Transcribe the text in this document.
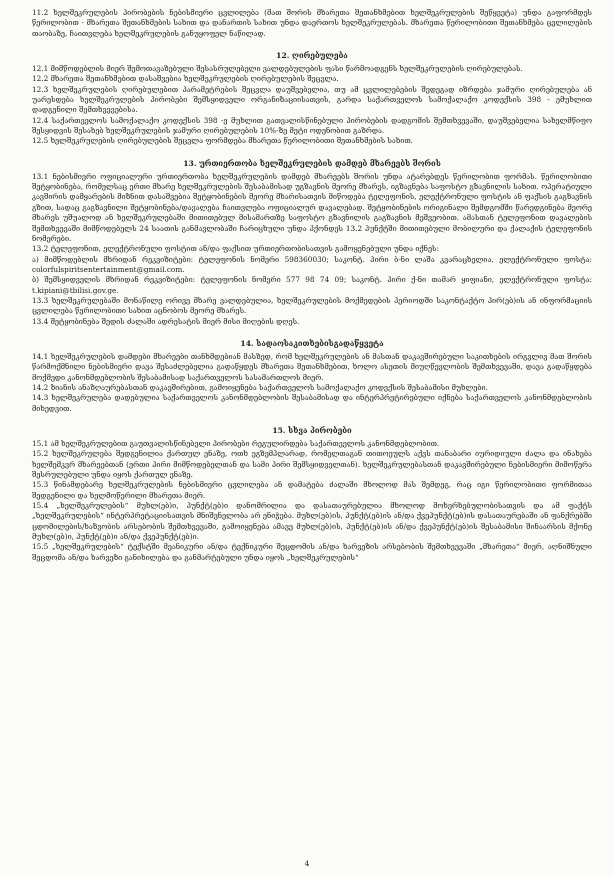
11.2 ხელშეკრულების პირობების ნებისმიერი ცვლილება (მათ შორის მხარეთა შეთანხმებით ხელშეკრულების შეწყვეტა) უნდა გაფორმდეს წერილობით - მხარეთა შეთანხმების სახით და დანართის სახით უნდა დაერთოს ხელშეკრულებას. მხარეთა წერილობითი შეთანხმება ცვლილების თაობაზე, ჩაითვლება ხელშეკრულების განუყოფელ ნაწილად.

12. ღირებულება

12.1 მიმწოდებლის მიერ შემოთავაზებული შესასრულებელი ვალდებულების ფასი წარმოადგენს ხელშეკრულების ღირებულებას.

12.2 მხარეთა შეთანხმებით დასაშვებია ხელშეკრულების ღირებულების შეცვლა.

12.3 ხელშეკრულების ღირებულებით პარამეტრების შეცვლა დაუშვებელია, თუ ამ ცვლილებების შედეგად იზრდება ჯამური ღირებულება ან უარესდება ხელშეკრულების პირობები შემსყიდველი ორგანიზაციისათვის, გარდა საქართველოს სამოქალაქო კოდექსის 398 - ემუხლით დადგენილი შემთხვევებისა.

12.4 საქართველოს სამოქალაქო კოდექსის 398 -ე მუხლით გათვალისწინებული პირობების დადგომის შემთხვევაში, დაუშვებელია სახელმწიფო შესყიდვის შესახებ ხელშეკრულების ჯამური ღირებულების 10%-ზე მეტი ოდენობით გაზრდა.

12.5 ხელშეკრულების ღირებულების შეცვლა ფორმდება მხარეთა წერილობითი შეთანხმების სახით.

13. ურთიერთობა ხელშეკრულების დამდებ მხარეებს შორის

13.1 ნებისმიერი ოფიციალური ურთიერთობა ხელშეკრულების დამდებ მხარეებს შორის უნდა ატარებდეს წერილობით ფორმას. წერილობითი შეტყობინება, რომელსაც ერთი მხარე ხელშეკრულების შესაბამისად უგზავნის მეორე მხარეს, იგზავნება საფოსტო გზავნილის სახით. ოპერატიული კავშირის დამყარების მიზნით დასაშვებია შეტყობინების მეორე მხარისათვის მიწოდება ტელეფონის, ელექტრონული ფოსტის ან ფაქსის გაგზავნის გზით, სადაც გაგზავნილი შეტყობინება/დავალება ჩაითვლება ოფიციალურ დავალებად. შეტყობინების ორიგინალი შემდგომში წარედგინება მეორე მხარეს უშუალოდ ან ხელშეკრულებაში მითითებულ მისამართზე საფოსტო გზავნილის გაგზავნის მეშვეობით. ამასთან ტელეფონით დავალების შემთხვევაში მიმწოდებელს 24 საათის განმავლობაში ჩარიცხული უნდა ჰქონდეს 13.2 პუნქტში მითითებული მობილური და ქალაქის ტელეფონის ნომერები.

13.2 ტელეფონით, ელექტრონული ფოსტით ან/და ფაქსით ურთიერთობისათვის გამოყენებული უნდა იქნეს:

ა) მიმწოდებლის მხრიდან რეკვიზიტები: ტელეფონის ნომერი 598360030; საკონტ. პირი ბ-ნი ლაშა კვარაცხელია, ელექტრონული ფოსტა: colorfulspiritsentertainment@gmail.com.

ბ) შემსყიდველის მხრიდან რეკვიზიტები: ტელეფონის ნომერი 577 98 74 09; საკონტ. პირი ქ-ნი თამარ ყიფიანი, ელექტრონული ფოსტა: t.kipiani@tbilisi.gov.ge.

13.3 ხელშეკრულებაში მონაწილე ორივე მხარე ვალდებულია, ხელშეკრულების მოქმედების პერიოდში საკონტაქტო პირ(ებ)ის ან ინფორმაციის ცვლილება წერილობითი სახით აცნობოს მეორე მხარეს.

13.4 შეტყობინება შედის ძალაში ადრესატის მიერ მისი მიღების დღეს.

14. სადაოსაკითხებისგადაწყვეტა

14.1 ხელშეკრულების დამდები მხარეები თანხმდებიან მასზედ, რომ ხელშეკრულების ან მასთან დაკავშირებული საკითხების ირგვლივ მათ შორის წარმოქმნილი ნებისმიერი დავა შესაძლებელია გადაწყდეს მხარეთა შეთანხმებით, ხოლო ასეთის მიუღწევლობის შემთხვევაში, დავა გადაწყდება მოქმედი კანონმდებლობის შესაბამისად საქართველოს სასამართლოს მიერ.

14.2 ზიანის ანაზღაურებასთან დაკავშირებით, გამოიყენება საქართველოს სამოქალაქო კოდექსის შესაბამისი მუხლები.

14.3 ხელშეკრულება დადებულია საქართველოს კანონმდებლობის შესაბამისად და ინტერპრეტირებული იქნება საქართველოს კანონმდებლობის მიხედვით.

15. სხვა პირობები

15.1 ამ ხელშეკრულებით გაუთვალისწინებელი პირობები რეგულირდება საქართველოს კანონმდებლობით.

15.2 ხელშეკრულება შედგენილია ქართულ ენაზე, ოთხ ეგზემპლარად, რომელთაგან თითოეულს აქვს თანაბარი იურიდიული ძალა და ინახება ხელშემკვრ მხარეებთან (ერთი პირი მიმწოდებელთან და სამი პირი შემსყიდველთან). ხელშეკრულებასთან დაკავშირებული ნებისმიერი მიმოწერა შესრულებული უნდა იყოს ქართულ ენაზე.

15.3 წინამდებარე ხელშეკრულების ნებისმიერი ცვლილება ან დამატება ძალაში მხოლოდ მას შემდეგ, რაც იგი წერილობითი ფორმითაა შედგენილი და ხელმოწერილი მხარეთა მიერ.

15.4 „ხელშეკრულების“ მუხლ(ებ)ი, პუნქტ(ებ)ი დანომრილია და დასათაურებულია მხოლოდ მოხერხებულობისათვის და ამ ფაქტს „ხელშეკრულების“ ინტერპრეტაციისათვის მნიშვნელობა არ ენიჭება. მუხლ(ებ)ის, პუნქტ(ებ)ის ან/და ქვეპუნქტ(ებ)ის დასათაურებაში ან ფანქრებში ცდომილების/ხაზვობის არსებობის შემთხვევაში, გამოიყენება ამავე მუხლ(ებ)ის, პუნქტ(ებ)ის ან/და ქვეპუნქტ(ებ)ის შესაბამისი შინაარსის მქონე მუხლ(ებ)ი, პუნქტ(ებ)ი ან/და ქვეპუნქტ(ებ)ი.

15.5 „ხელშეკრულების“ ტექსტში მეანიკური ან/და ტექნიკური შეცდომის ან/და ხარვეზის არსებობის შემთხვევაში „მხარეთა“ მიერ, აღნიშნული შეცდომა ან/და ხარვეზი განიხილება და განმარტებული უნდა იყოს „ხელშეკრულების“

4
